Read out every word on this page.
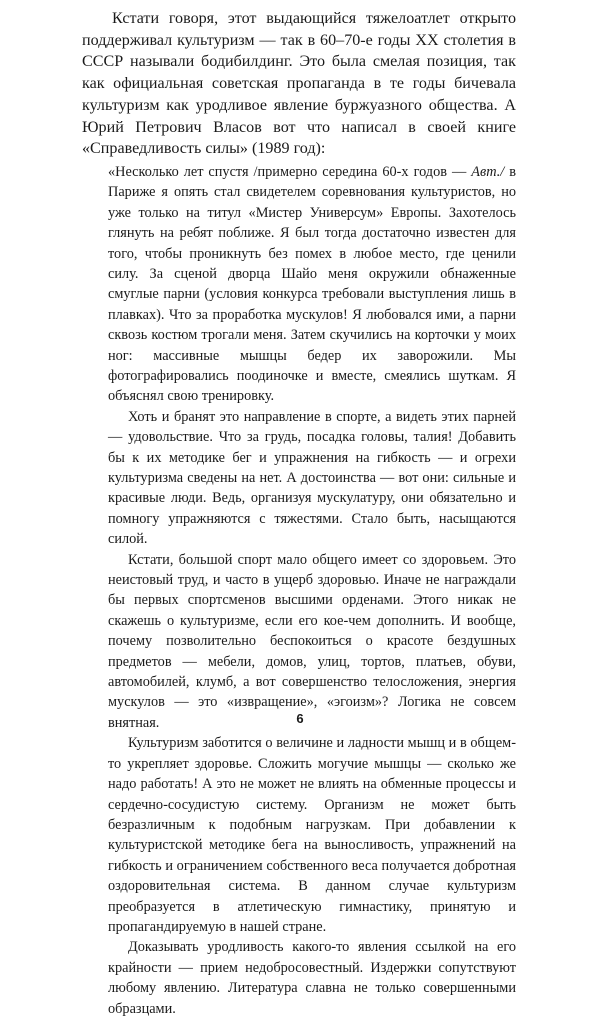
Кстати говоря, этот выдающийся тяжелоатлет открыто поддерживал культуризм — так в 60–70-е годы XX столетия в СССР называли бодибилдинг. Это была смелая позиция, так как официальная советская пропаганда в те годы бичевала культуризм как уродливое явление буржуазного общества. А Юрий Петрович Власов вот что написал в своей книге «Справедливость силы» (1989 год):

«Несколько лет спустя /примерно середина 60-х годов — Авт./ в Париже я опять стал свидетелем соревнования культуристов, но уже только на титул «Мистер Универсум» Европы. Захотелось глянуть на ребят поближе. Я был тогда достаточно известен для того, чтобы проникнуть без помех в любое место, где ценили силу. За сценой дворца Шайо меня окружили обнаженные смуглые парни (условия конкурса требовали выступления лишь в плавках). Что за проработка мускулов! Я любовался ими, а парни сквозь костюм трогали меня. Затем скучились на корточки у моих ног: массивные мышцы бедер их заворожили. Мы фотографировались поодиночке и вместе, смеялись шуткам. Я объяснял свою тренировку.

Хоть и бранят это направление в спорте, а видеть этих парней — удовольствие. Что за грудь, посадка головы, талия! Добавить бы к их методике бег и упражнения на гибкость — и огрехи культуризма сведены на нет. А достоинства — вот они: сильные и красивые люди. Ведь, организуя мускулатуру, они обязательно и помногу упражняются с тяжестями. Стало быть, насыщаются силой.

Кстати, большой спорт мало общего имеет со здоровьем. Это неистовый труд, и часто в ущерб здоровью. Иначе не награждали бы первых спортсменов высшими орденами. Этого никак не скажешь о культуризме, если его кое-чем дополнить. И вообще, почему позволительно беспокоиться о красоте бездушных предметов — мебели, домов, улиц, тортов, платьев, обуви, автомобилей, клумб, а вот совершенство телосложения, энергия мускулов — это «извращение», «эгоизм»? Логика не совсем внятная.

Культуризм заботится о величине и ладности мышц и в общем-то укрепляет здоровье. Сложить могучие мышцы — сколько же надо работать! А это не может не влиять на обменные процессы и сердечно-сосудистую систему. Организм не может быть безразличным к подобным нагрузкам. При добавлении к культуристской методике бега на выносливость, упражнений на гибкость и ограничением собственного веса получается добротная оздоровительная система. В данном случае культуризм преобразуется в атлетическую гимнастику, принятую и пропагандируемую в нашей стране.

Доказывать уродливость какого-то явления ссылкой на его крайности — прием недобросовестный. Издержки сопутствуют любому явлению. Литература славна не только совершенными образцами.

6
